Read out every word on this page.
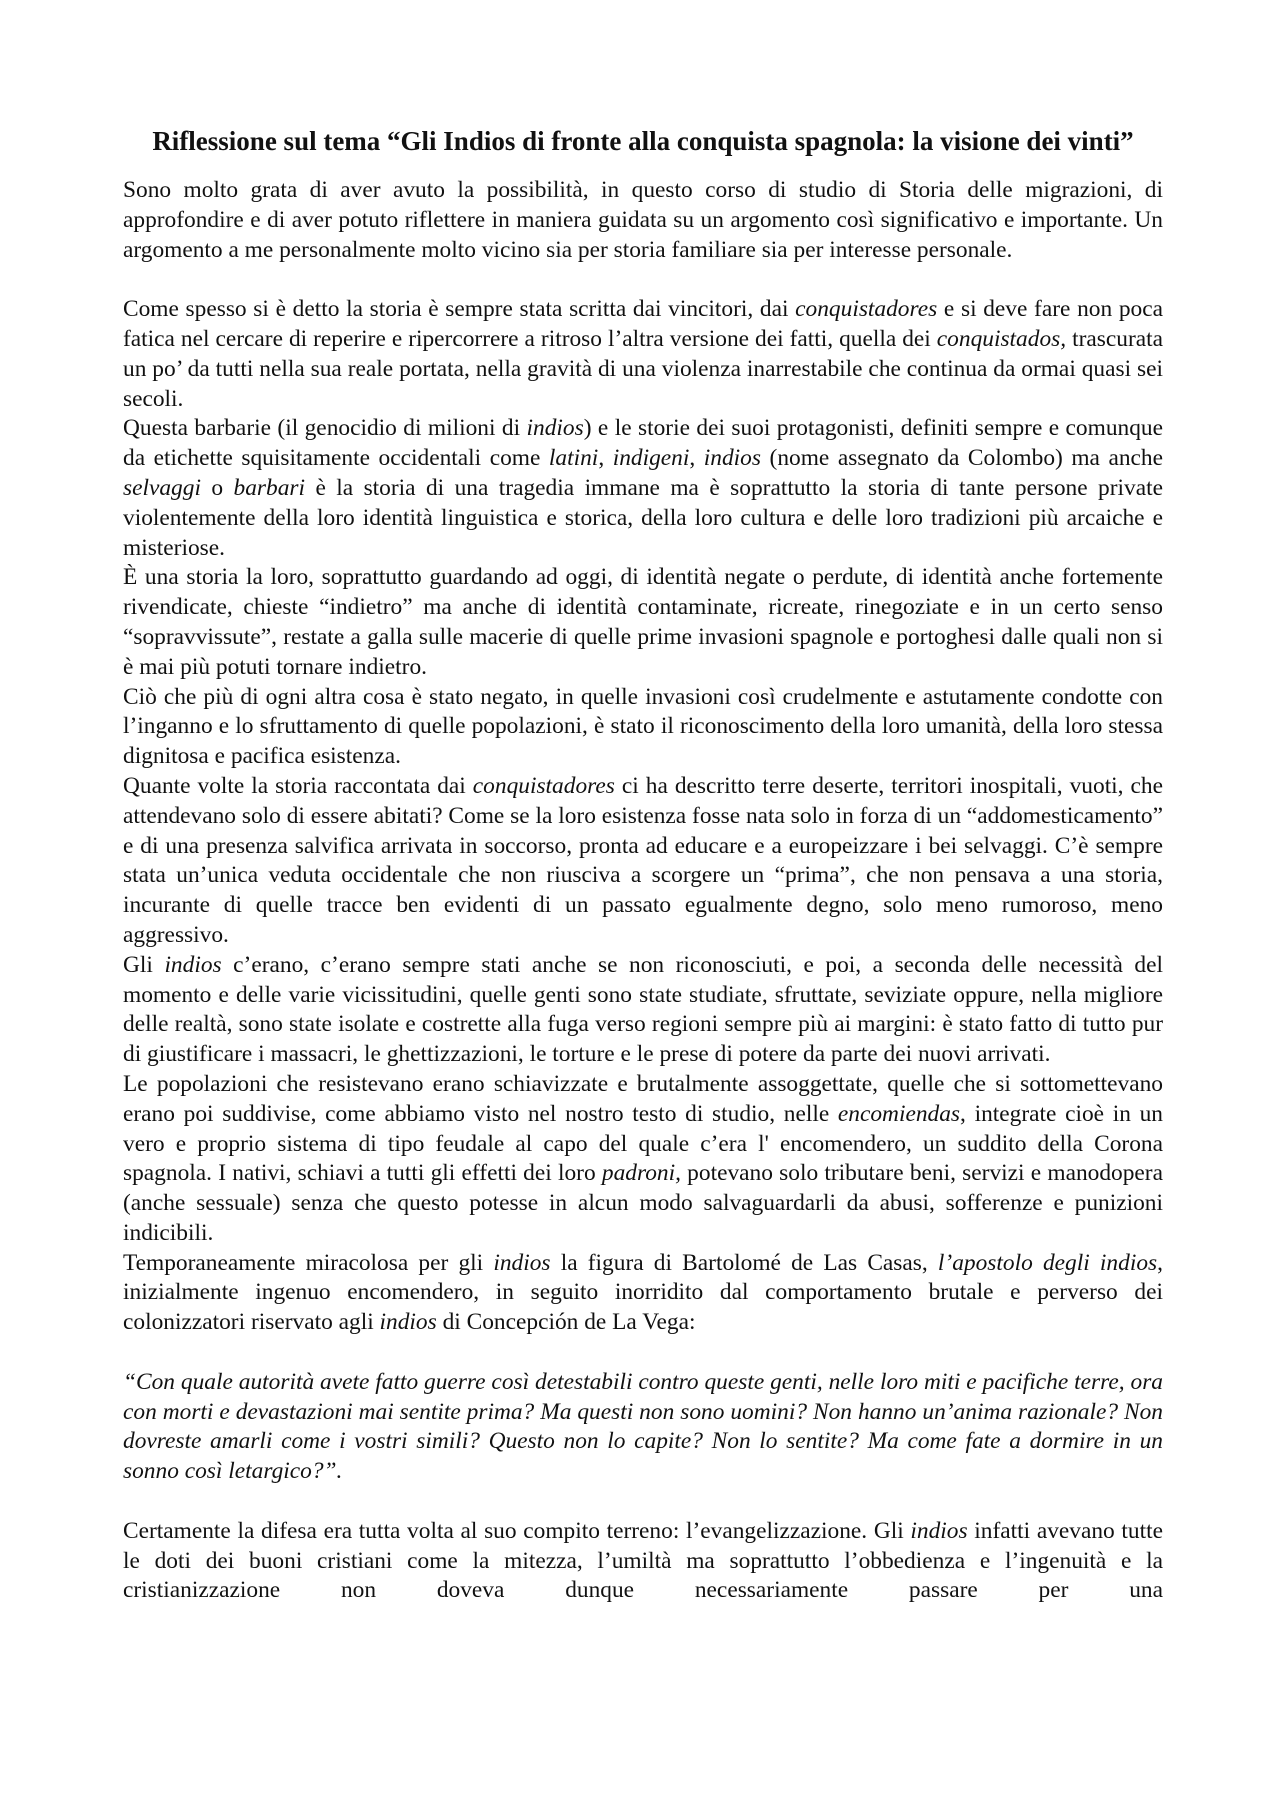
Riflessione sul tema “Gli Indios di fronte alla conquista spagnola: la visione dei vinti”

Sono molto grata di aver avuto la possibilità, in questo corso di studio di Storia delle migrazioni, di approfondire e di aver potuto riflettere in maniera guidata su un argomento così significativo e importante. Un argomento a me personalmente molto vicino sia per storia familiare sia per interesse personale.

Come spesso si è detto la storia è sempre stata scritta dai vincitori, dai conquistadores e si deve fare non poca fatica nel cercare di reperire e ripercorrere a ritroso l’altra versione dei fatti, quella dei conquistados, trascurata un po’ da tutti nella sua reale portata, nella gravità di una violenza inarrestabile che continua da ormai quasi sei secoli.

Questa barbarie (il genocidio di milioni di indios) e le storie dei suoi protagonisti, definiti sempre e comunque da etichette squisitamente occidentali come latini, indigeni, indios (nome assegnato da Colombo) ma anche selvaggi o barbari è la storia di una tragedia immane ma è soprattutto la storia di tante persone private violentemente della loro identità linguistica e storica, della loro cultura e delle loro tradizioni più arcaiche e misteriose.

È una storia la loro, soprattutto guardando ad oggi, di identità negate o perdute, di identità anche fortemente rivendicate, chieste “indietro” ma anche di identità contaminate, ricreate, rinegoziate e in un certo senso “sopravvissute”, restate a galla sulle macerie di quelle prime invasioni spagnole e portoghesi dalle quali non si è mai più potuti tornare indietro.

Ciò che più di ogni altra cosa è stato negato, in quelle invasioni così crudelmente e astutamente condotte con l’inganno e lo sfruttamento di quelle popolazioni, è stato il riconoscimento della loro umanità, della loro stessa dignitosa e pacifica esistenza.

Quante volte la storia raccontata dai conquistadores ci ha descritto terre deserte, territori inospitali, vuoti, che attendevano solo di essere abitati? Come se la loro esistenza fosse nata solo in forza di un “addomesticamento” e di una presenza salvifica arrivata in soccorso, pronta ad educare e a europeizzare i bei selvaggi. C’è sempre stata un’unica veduta occidentale che non riusciva a scorgere un “prima”, che non pensava a una storia, incurante di quelle tracce ben evidenti di un passato egualmente degno, solo meno rumoroso, meno aggressivo.

Gli indios c’erano, c’erano sempre stati anche se non riconosciuti, e poi, a seconda delle necessità del momento e delle varie vicissitudini, quelle genti sono state studiate, sfruttate, seviziate oppure, nella migliore delle realtà, sono state isolate e costrette alla fuga verso regioni sempre più ai margini: è stato fatto di tutto pur di giustificare i massacri, le ghettizzazioni, le torture e le prese di potere da parte dei nuovi arrivati.

Le popolazioni che resistevano erano schiavizzate e brutalmente assoggettate, quelle che si sottomettevano erano poi suddivise, come abbiamo visto nel nostro testo di studio, nelle encomiendas, integrate cioè in un vero e proprio sistema di tipo feudale al capo del quale c’era l' encomendero, un suddito della Corona spagnola. I nativi, schiavi a tutti gli effetti dei loro padroni, potevano solo tributare beni, servizi e manodopera (anche sessuale) senza che questo potesse in alcun modo salvaguardarli da abusi, sofferenze e punizioni indicibili.

Temporaneamente miracolosa per gli indios la figura di Bartolomé de Las Casas, l’apostolo degli indios, inizialmente ingenuo encomendero, in seguito inorridito dal comportamento brutale e perverso dei colonizzatori riservato agli indios di Concepción de La Vega:

“Con quale autorità avete fatto guerre così detestabili contro queste genti, nelle loro miti e pacifiche terre, ora con morti e devastazioni mai sentite prima? Ma questi non sono uomini? Non hanno un’anima razionale? Non dovreste amarli come i vostri simili? Questo non lo capite? Non lo sentite? Ma come fate a dormire in un sonno così letargico?”.

Certamente la difesa era tutta volta al suo compito terreno: l’evangelizzazione. Gli indios infatti avevano tutte le doti dei buoni cristiani come la mitezza, l’umiltà ma soprattutto l’obbedienza e l’ingenuità e la cristianizzazione non doveva dunque necessariamente passare per una
